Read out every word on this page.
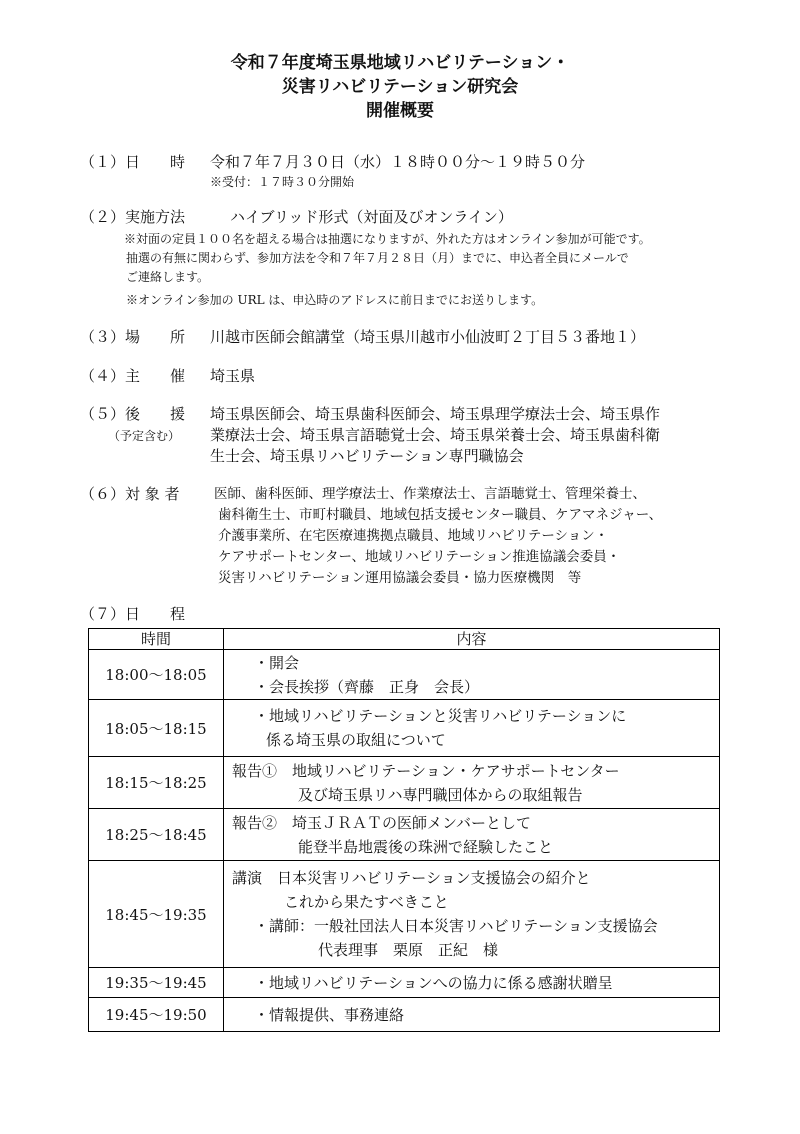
令和７年度埼玉県地域リハビリテーション・
災害リハビリテーション研究会
開催概要
（１）日　　時 令和７年７月３０日（水）１８時００分～１９時５０分
※受付：１７時３０分開始
（２）実施方法	ハイブリッド形式（対面及びオンライン）
※対面の定員１００名を超える場合は抽選になりますが、外れた方はオンライン参加が可能です。
抽選の有無に関わらず、参加方法を令和７年７月２８日（月）までに、申込者全員にメールで
ご連絡します。
※オンライン参加の URL は、申込時のアドレスに前日までにお送りします。
（３）場　　所 川越市医師会館講堂（埼玉県川越市小仙波町２丁目５３番地１）
（４）主　　催 埼玉県
（５）後　　援
（予定含む）
埼玉県医師会、埼玉県歯科医師会、埼玉県理学療法士会、埼玉県作
業療法士会、埼玉県言語聴覚士会、埼玉県栄養士会、埼玉県歯科衛
生士会、埼玉県リハビリテーション専門職協会
（６）対 象 者	医師、歯科医師、理学療法士、作業療法士、言語聴覚士、管理栄養士、
歯科衛生士、市町村職員、地域包括支援センター職員、ケアマネジャー、
介護事業所、在宅医療連携拠点職員、地域リハビリテーション・
ケアサポートセンター、地域リハビリテーション推進協議会委員・
災害リハビリテーション運用協議会委員・協力医療機関　等
（７）日　　程
時間	内容
18:00～18:05	・開会
・会長挨拶（齊藤　正身　会長）

18:05～18:15	・地域リハビリテーションと災害リハビリテーションに
係る埼玉県の取組について

18:15～18:25	報告①　地域リハビリテーション・ケアサポートセンター
及び埼玉県リハ専門職団体からの取組報告

18:25～18:45	報告②　埼玉ＪＲＡＴの医師メンバーとして
能登半島地震後の珠洲で経験したこと

18:45～19:35	講演　日本災害リハビリテーション支援協会の紹介と
これから果たすべきこと
・講師：一般社団法人日本災害リハビリテーション支援協会
代表理事　栗原　正紀　様

19:35～19:45	・地域リハビリテーションへの協力に係る感謝状贈呈

19:45～19:50	・情報提供、事務連絡
